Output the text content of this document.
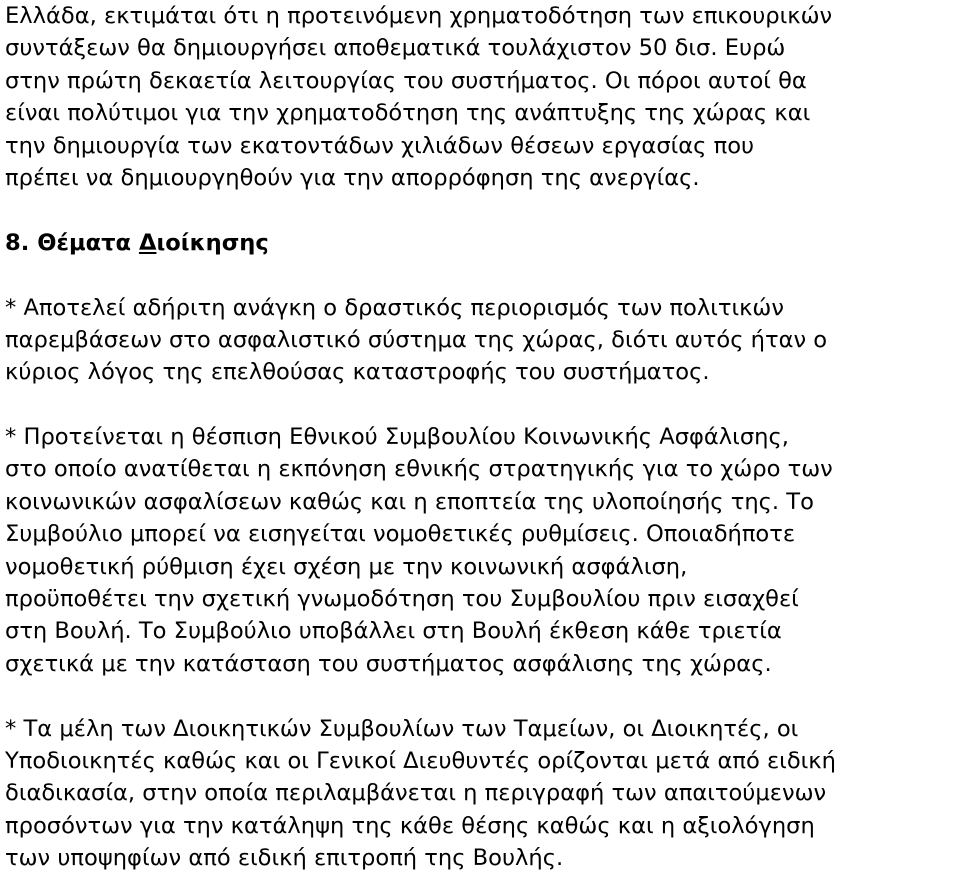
Ελλάδα, εκτιμάται ότι η προτεινόμενη χρηματοδότηση των επικουρικών
συντάξεων θα δημιουργήσει αποθεματικά τουλάχιστον 50 δισ. Ευρώ
στην πρώτη δεκαετία λειτουργίας του συστήματος. Οι πόροι αυτοί θα
είναι πολύτιμοι για την χρηματοδότηση της ανάπτυξης της χώρας και
την δημιουργία των εκατοντάδων χιλιάδων θέσεων εργασίας που
πρέπει να δημιουργηθούν για την απορρόφηση της ανεργίας.
8. Θέματα Διοίκησης
* Αποτελεί αδήριτη ανάγκη ο δραστικός περιορισμός των πολιτικών
παρεμβάσεων στο ασφαλιστικό σύστημα της χώρας, διότι αυτός ήταν ο
κύριος λόγος της επελθούσας καταστροφής του συστήματος.
* Προτείνεται η θέσπιση Εθνικού Συμβουλίου Κοινωνικής Ασφάλισης,
στο οποίο ανατίθεται η εκπόνηση εθνικής στρατηγικής για το χώρο των
κοινωνικών ασφαλίσεων καθώς και η εποπτεία της υλοποίησής της. Το
Συμβούλιο μπορεί να εισηγείται νομοθετικές ρυθμίσεις. Οποιαδήποτε
νομοθετική ρύθμιση έχει σχέση με την κοινωνική ασφάλιση,
προϋποθέτει την σχετική γνωμοδότηση του Συμβουλίου πριν εισαχθεί
στη Βουλή. Το Συμβούλιο υποβάλλει στη Βουλή έκθεση κάθε τριετία
σχετικά με την κατάσταση του συστήματος ασφάλισης της χώρας.
* Τα μέλη των Διοικητικών Συμβουλίων των Ταμείων, οι Διοικητές, οι
Υποδιοικητές καθώς και οι Γενικοί Διευθυντές ορίζονται μετά από ειδική
διαδικασία, στην οποία περιλαμβάνεται η περιγραφή των απαιτούμενων
προσόντων για την κατάληψη της κάθε θέσης καθώς και η αξιολόγηση
των υποψηφίων από ειδική επιτροπή της Βουλής.
